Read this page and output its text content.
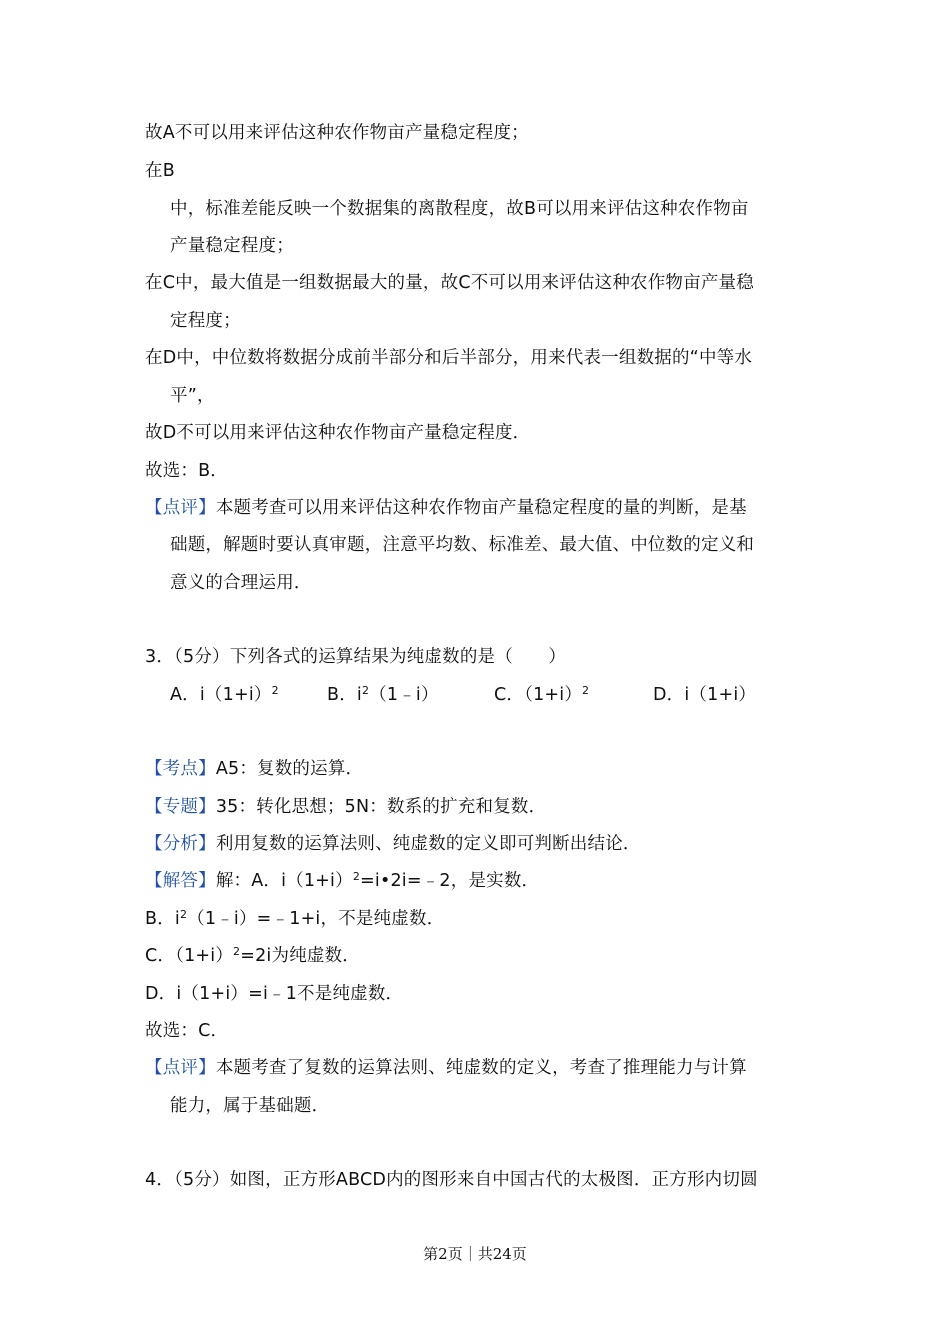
故A不可以用来评估这种农作物亩产量稳定程度；
在B
中，标准差能反映一个数据集的离散程度，故B可以用来评估这种农作物亩
产量稳定程度；
在C中，最大值是一组数据最大的量，故C不可以用来评估这种农作物亩产量稳
定程度；
在D中，中位数将数据分成前半部分和后半部分，用来代表一组数据的“中等水
平”，
故D不可以用来评估这种农作物亩产量稳定程度．
故选：B．
【点评】本题考查可以用来评估这种农作物亩产量稳定程度的量的判断，是基
础题，解题时要认真审题，注意平均数、标准差、最大值、中位数的定义和
意义的合理运用．
3．（5分）下列各式的运算结果为纯虚数的是（　　）
A．$i(1+i)^2$	B．$i^2(1﹣i)$	C．$(1+i)^2$	D．i（1+i）
【考点】A5：复数的运算．
【专题】35：转化思想；5N：数系的扩充和复数．
【分析】利用复数的运算法则、纯虚数的定义即可判断出结论．
【解答】解：A．$i(1+i)^2=i•2i=﹣2$，是实数．
B．$i^2(1﹣i)=﹣1+i$，不是纯虚数．
C．$(1+i)^2=2i$为纯虚数．
D．i（1+i）=i﹣1不是纯虚数．
故选：C．
【点评】本题考查了复数的运算法则、纯虚数的定义，考查了推理能力与计算
能力，属于基础题．
4．（5分）如图，正方形ABCD内的图形来自中国古代的太极图．正方形内切圆
第2页｜共24页
